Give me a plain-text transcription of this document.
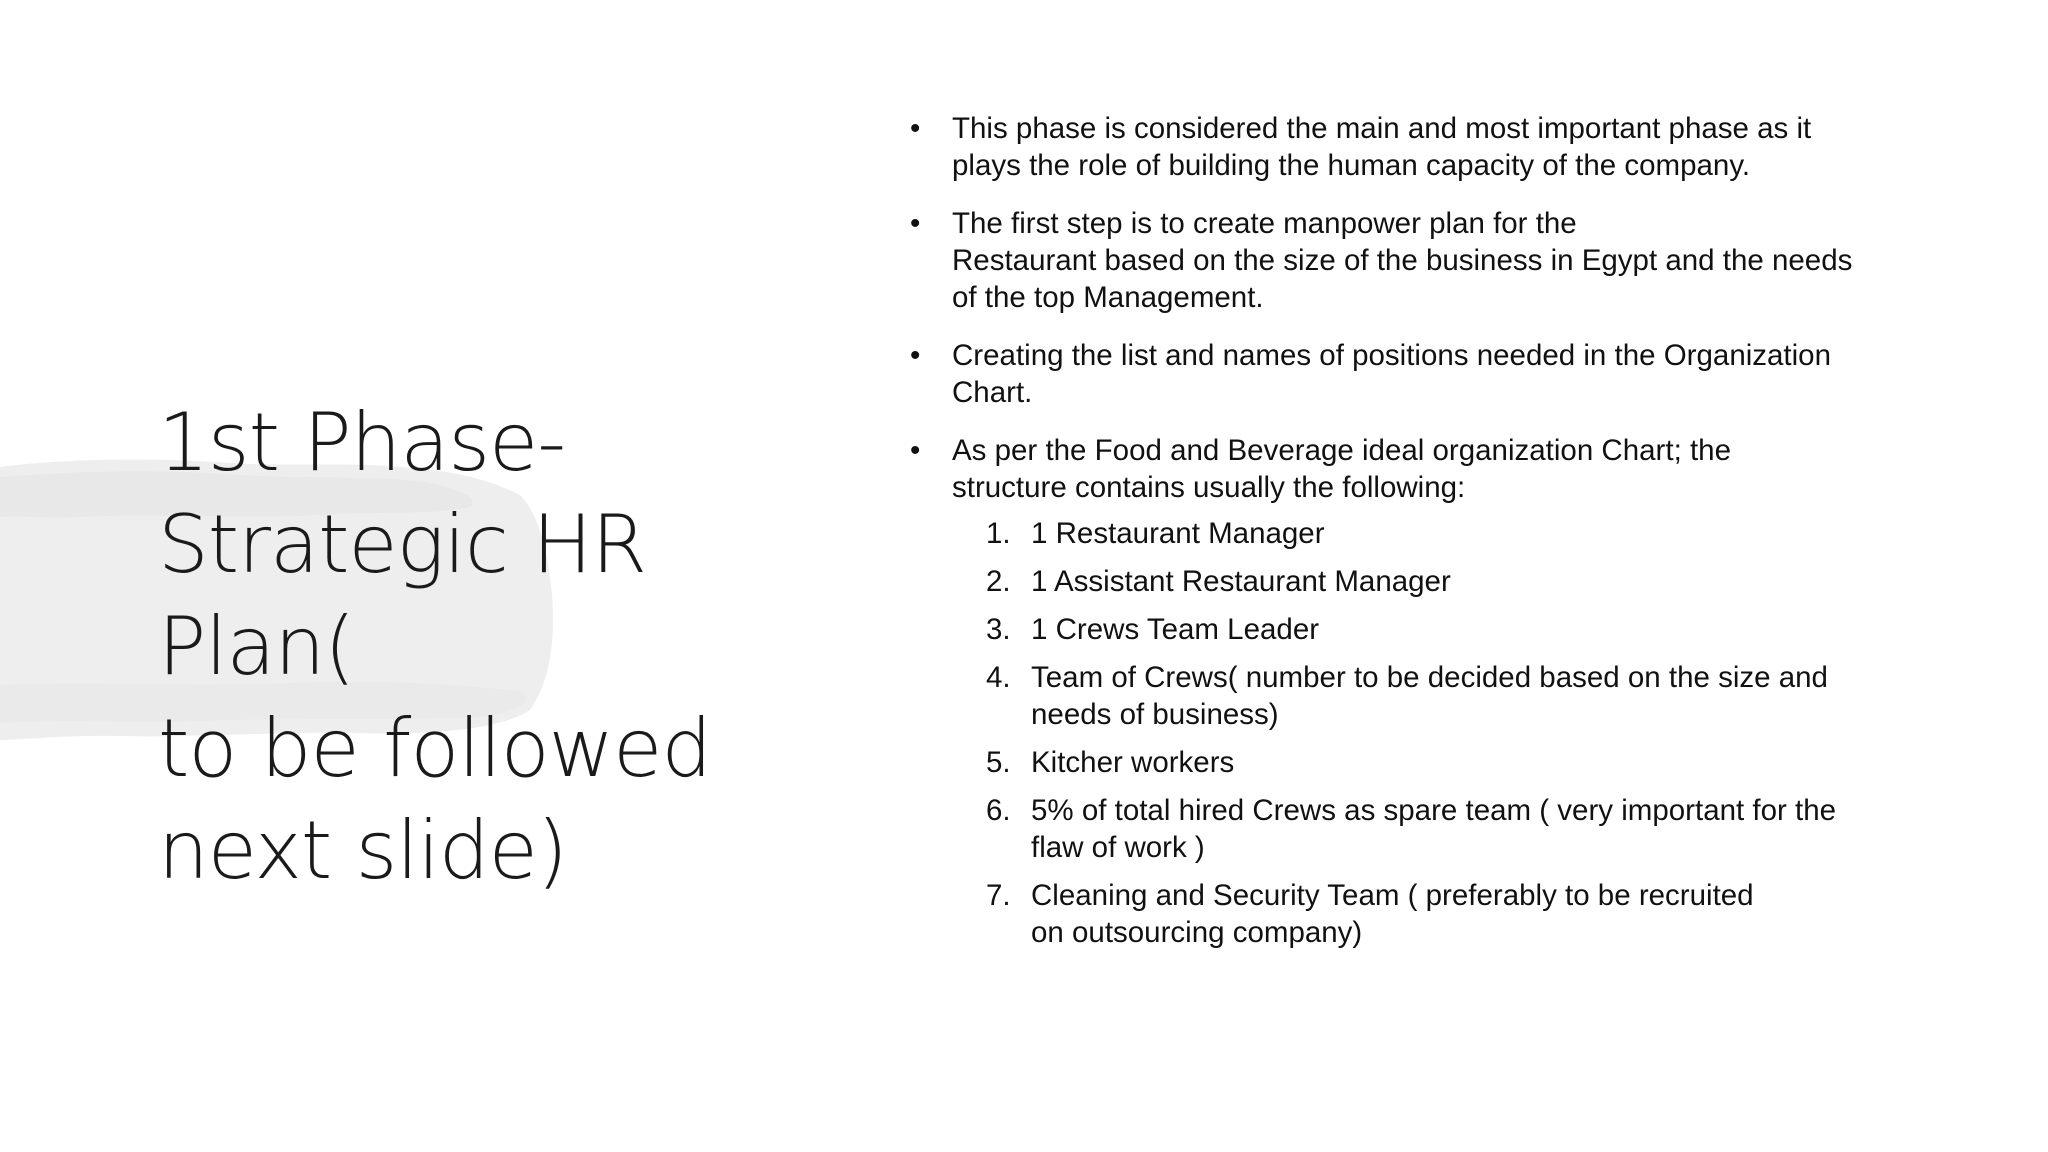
1st Phase-
Strategic HR Plan(
to be followed
next slide)
•	This phase is considered the main and most important phase as it
plays the role of building the human capacity of the company.
•	The first step is to create manpower plan for the
Restaurant based on the size of the business in Egypt and the needs
of the top Management.
•	Creating the list and names of positions needed in the Organization
Chart.
•	As per the Food and Beverage ideal organization Chart; the
structure contains usually the following:
1. 1 Restaurant Manager
2. 1 Assistant Restaurant Manager
3. 1 Crews Team Leader
4. Team of Crews( number to be decided based on the size and
needs of business)
5. Kitcher workers
6. 5% of total hired Crews as spare team ( very important for the
flaw of work )
7. Cleaning and Security Team ( preferably to be recruited
on outsourcing company)
